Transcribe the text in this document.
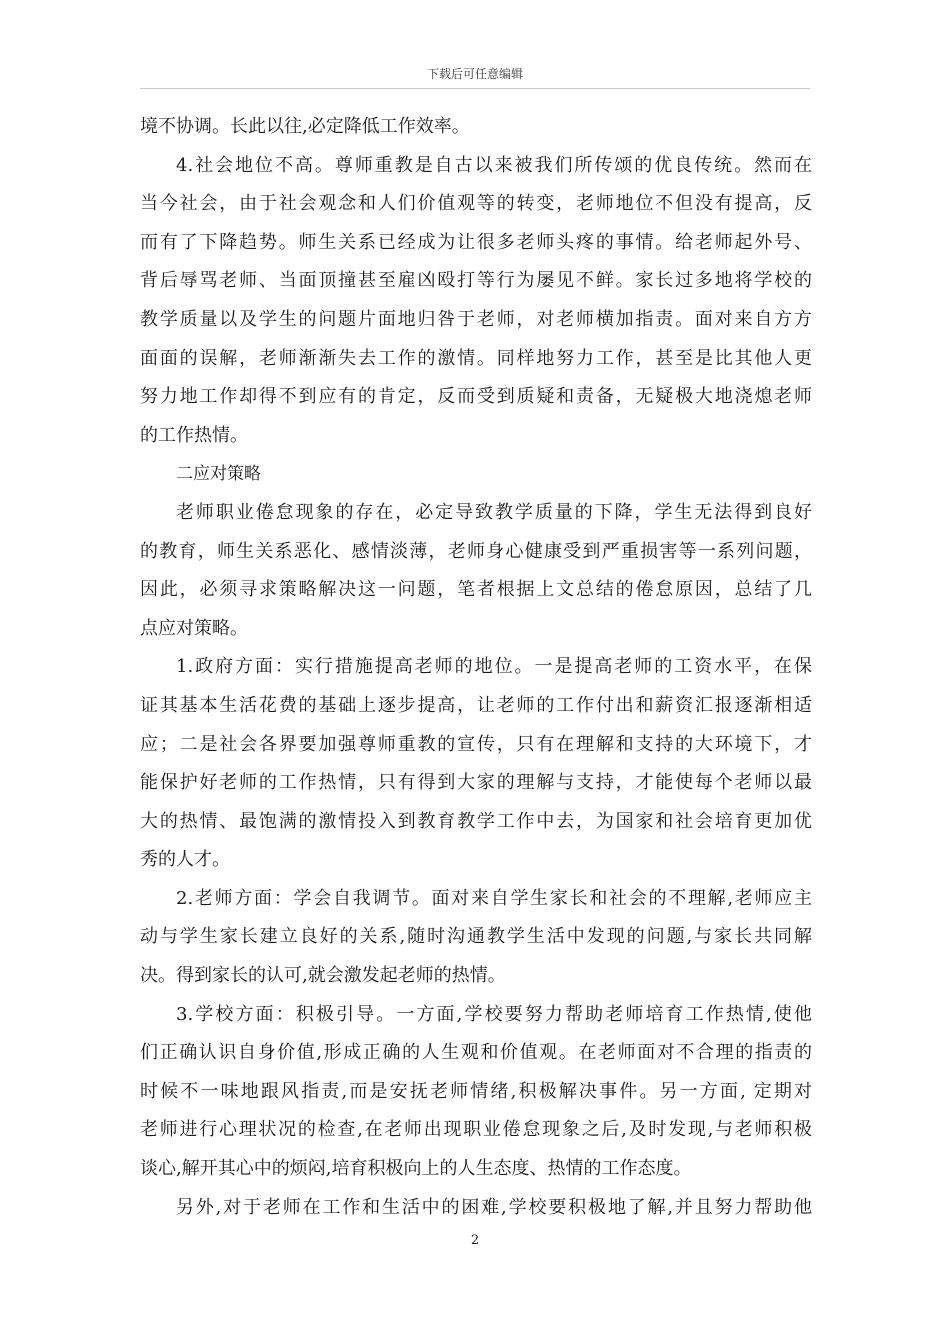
下载后可任意编辑
境不协调。长此以往,必定降低工作效率。
4.社会地位不高。尊师重教是自古以来被我们所传颂的优良传统。然而在
当今社会，由于社会观念和人们价值观等的转变，老师地位不但没有提高，反
而有了下降趋势。师生关系已经成为让很多老师头疼的事情。给老师起外号、
背后辱骂老师、当面顶撞甚至雇凶殴打等行为屡见不鲜。家长过多地将学校的
教学质量以及学生的问题片面地归咎于老师，对老师横加指责。面对来自方方
面面的误解，老师渐渐失去工作的激情。同样地努力工作，甚至是比其他人更
努力地工作却得不到应有的肯定，反而受到质疑和责备，无疑极大地浇熄老师
的工作热情。
二应对策略
老师职业倦怠现象的存在，必定导致教学质量的下降，学生无法得到良好
的教育，师生关系恶化、感情淡薄，老师身心健康受到严重损害等一系列问题，
因此，必须寻求策略解决这一问题，笔者根据上文总结的倦怠原因，总结了几
点应对策略。
1.政府方面：实行措施提高老师的地位。一是提高老师的工资水平，在保
证其基本生活花费的基础上逐步提高，让老师的工作付出和薪资汇报逐渐相适
应；二是社会各界要加强尊师重教的宣传，只有在理解和支持的大环境下，才
能保护好老师的工作热情，只有得到大家的理解与支持，才能使每个老师以最
大的热情、最饱满的激情投入到教育教学工作中去，为国家和社会培育更加优
秀的人才。
2.老师方面：学会自我调节。面对来自学生家长和社会的不理解,老师应主
动与学生家长建立良好的关系,随时沟通教学生活中发现的问题,与家长共同解
决。得到家长的认可,就会激发起老师的热情。
3.学校方面：积极引导。一方面,学校要努力帮助老师培育工作热情,使他
们正确认识自身价值,形成正确的人生观和价值观。在老师面对不合理的指责的
时候不一味地跟风指责,而是安抚老师情绪,积极解决事件。另一方面, 定期对
老师进行心理状况的检查,在老师出现职业倦怠现象之后,及时发现,与老师积极
谈心,解开其心中的烦闷,培育积极向上的人生态度、热情的工作态度。
另外,对于老师在工作和生活中的困难,学校要积极地了解,并且努力帮助他
2
